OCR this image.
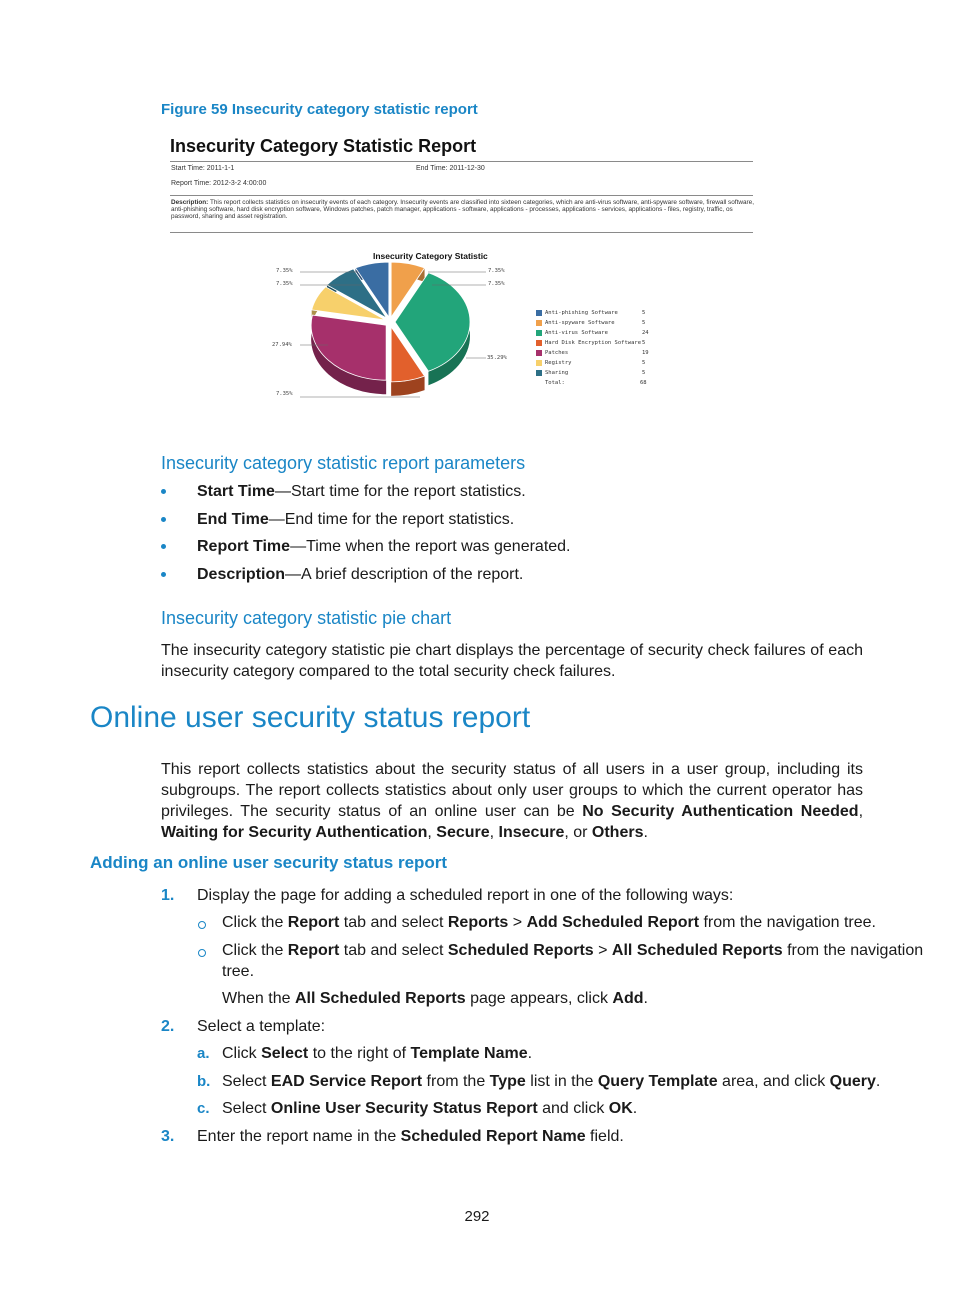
Figure 59 Insecurity category statistic report
Insecurity Category Statistic Report
Start Time: 2011-1-1	End Time: 2011-12-30
Report Time: 2012-3-2 4:00:00
Description: This report collects statistics on insecurity events of each category. Insecurity events are classified into sixteen categories, which are anti-virus software, anti-spyware software, firewall software, anti-phishing software, hard disk encryption software, Windows patches, patch manager, applications - software, applications - processes, applications - services, applications - files, registry, traffic, os password, sharing and asset registration.
Insecurity Category Statistic
7.35%
7.35%
7.35%
7.35%
27.94%
35.29%
7.35%
Anti-phishing Software	5
Anti-spyware Software	5
Anti-virus Software	24
Hard Disk Encryption Software 5
Patches	19
Registry	5
Sharing	5
Total:	68
Insecurity category statistic report parameters
Start Time—Start time for the report statistics.
End Time—End time for the report statistics.
Report Time—Time when the report was generated.
Description—A brief description of the report.
Insecurity category statistic pie chart
The insecurity category statistic pie chart displays the percentage of security check failures of each insecurity category compared to the total security check failures.
Online user security status report
This report collects statistics about the security status of all users in a user group, including its subgroups. The report collects statistics about only user groups to which the current operator has privileges. The security status of an online user can be No Security Authentication Needed, Waiting for Security Authentication, Secure, Insecure, or Others.
Adding an online user security status report
1. Display the page for adding a scheduled report in one of the following ways:
Click the Report tab and select Reports > Add Scheduled Report from the navigation tree.
Click the Report tab and select Scheduled Reports > All Scheduled Reports from the navigation
tree.
When the All Scheduled Reports page appears, click Add.
2. Select a template:
a. Click Select to the right of Template Name.
b. Select EAD Service Report from the Type list in the Query Template area, and click Query.
c. Select Online User Security Status Report and click OK.
3. Enter the report name in the Scheduled Report Name field.
292
